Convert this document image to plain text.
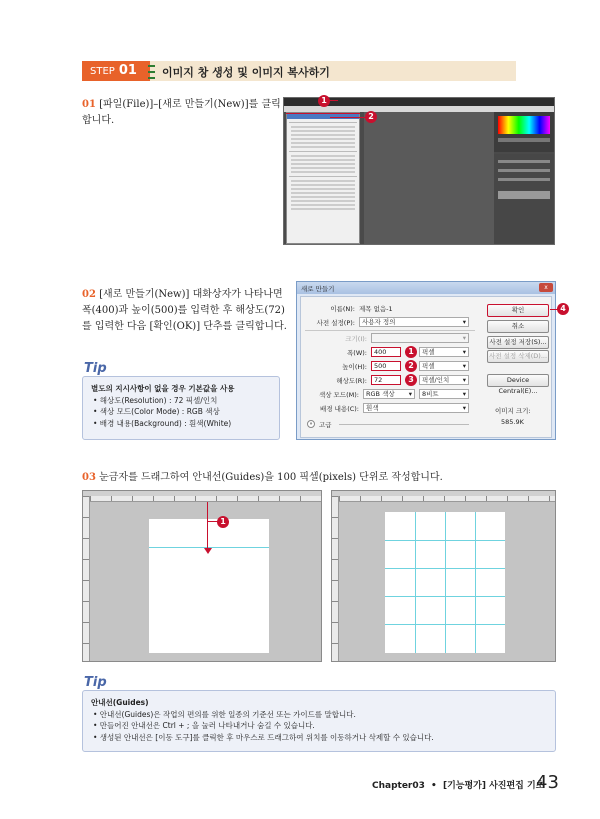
STEP 01	이미지 창 생성 및 이미지 복사하기
01 [파일(File)]–[새로 만들기(New)]를 클릭합니다.
1
2
02 [새로 만들기(New)] 대화상자가 나타나면 폭(400)과 높이(500)를 입력한 후 해상도(72)를 입력한 다음 [확인(OK)] 단추를 클릭합니다.
새로 만들기	x
이름(N): 제목 없음-1
사전 설정(P):	사용자 정의	▾
크기(I):	▾
폭(W):	400	1	픽셀	▾
높이(H):	500	2	픽셀	▾
해상도(R):	72	3	픽셀/인치 ▾
색상 모드(M):	RGB 색상 ▾	8비트	▾
배경 내용(C):	흰색	▾
» 고급
확인
취소
사전 설정 저장(S)...
사전 설정 삭제(D)...
Device Central(E)...
이미지 크기:
585.9K
4
Tip
별도의 지시사항이 없을 경우 기본값을 사용
• 해상도(Resolution) : 72 픽셀/인치
• 색상 모드(Color Mode) : RGB 색상
• 배경 내용(Background) : 흰색(White)
03 눈금자를 드래그하여 안내선(Guides)을 100 픽셀(pixels) 단위로 작성합니다.
1
Tip
안내선(Guides)
• 안내선(Guides)은 작업의 편의를 위한 일종의 기준선 또는 가이드를 말합니다.
• 만들어진 안내선은 Ctrl + ; 을 눌러 나타내거나 숨길 수 있습니다.
• 생성된 안내선은 [이동 도구]를 클릭한 후 마우스로 드래그하여 위치를 이동하거나 삭제할 수 있습니다.
Chapter03 • [기능평가] 사진편집 기초
43
